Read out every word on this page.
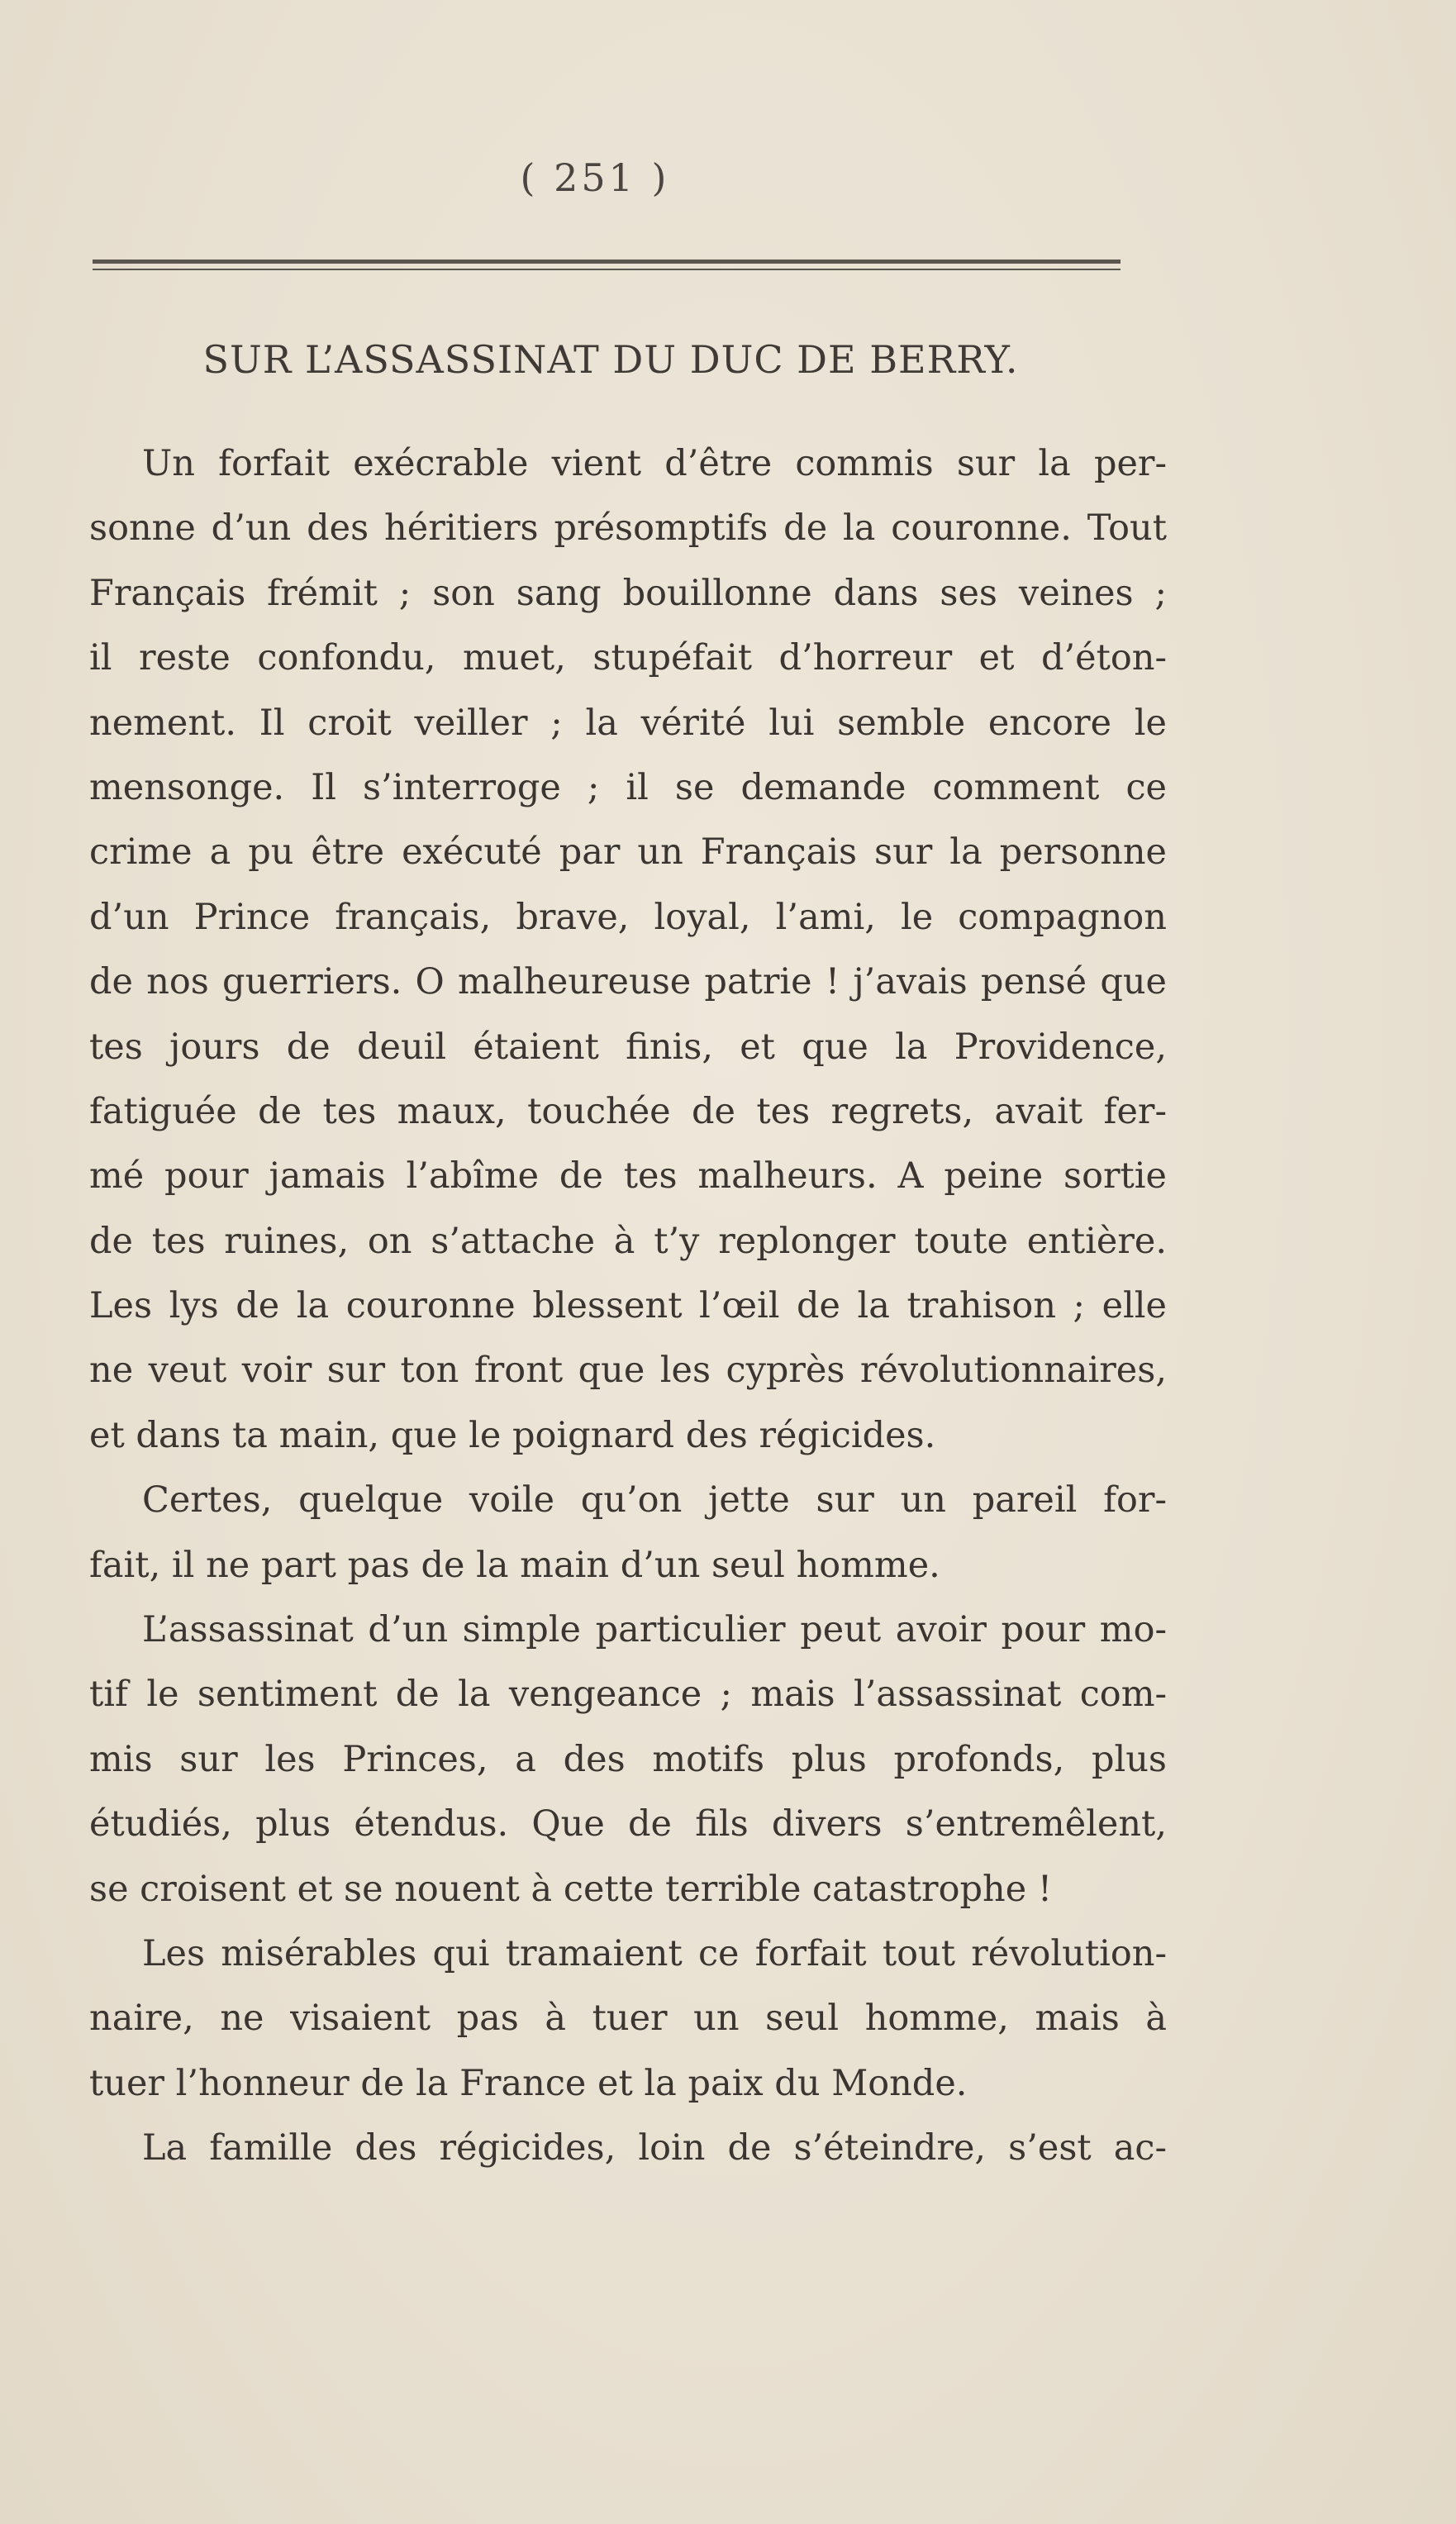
( 251 )
SUR L’ASSASSINAT DU DUC DE BERRY.
Un forfait exécrable vient d’être commis sur la per-
sonne d’un des héritiers présomptifs de la couronne. Tout
Français frémit ; son sang bouillonne dans ses veines ;
il reste confondu, muet, stupéfait d’horreur et d’éton-
nement. Il croit veiller ; la vérité lui semble encore le
mensonge. Il s’interroge ; il se demande comment ce
crime a pu être exécuté par un Français sur la personne
d’un Prince français, brave, loyal, l’ami, le compagnon
de nos guerriers. O malheureuse patrie ! j’avais pensé que
tes jours de deuil étaient finis, et que la Providence,
fatiguée de tes maux, touchée de tes regrets, avait fer-
mé pour jamais l’abîme de tes malheurs. A peine sortie
de tes ruines, on s’attache à t’y replonger toute entière.
Les lys de la couronne blessent l’œil de la trahison ; elle
ne veut voir sur ton front que les cyprès révolutionnaires,
et dans ta main, que le poignard des régicides.
Certes, quelque voile qu’on jette sur un pareil for-
fait, il ne part pas de la main d’un seul homme.
L’assassinat d’un simple particulier peut avoir pour mo-
tif le sentiment de la vengeance ; mais l’assassinat com-
mis sur les Princes, a des motifs plus profonds, plus
étudiés, plus étendus. Que de fils divers s’entremêlent,
se croisent et se nouent à cette terrible catastrophe !
Les misérables qui tramaient ce forfait tout révolution-
naire, ne visaient pas à tuer un seul homme, mais à
tuer l’honneur de la France et la paix du Monde.
La famille des régicides, loin de s’éteindre, s’est ac-
